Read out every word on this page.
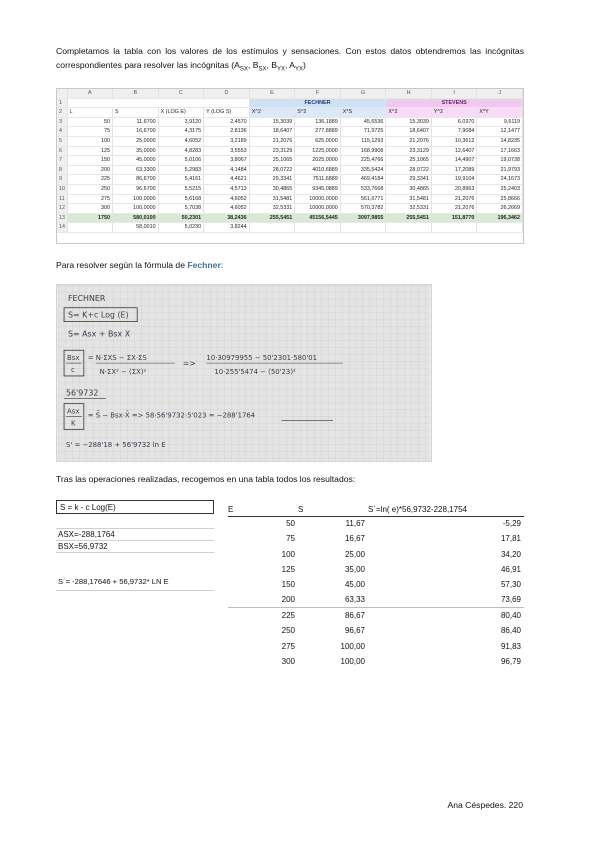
Completamos la tabla con los valores de los estímulos y sensaciones. Con estos datos obtendremos las incógnitas correspondientes para resolver las incógnitas ($A_{SX}$, $B_{SX}$, $B_{YX}$, $A_{YX}$)

	A	B	C	D	E	F	G	H	I	J
1					FECHNER			STEVENS		
2	L	S	X (LOG E)	Y (LOG S)	X^2	S^2	X*S	X^2	Y^2	X*Y
3	50	11,6700	3,9120	2,4570	15,3039	136,1889	45,6536	15,3039	6,0370	9,6119
4	75	16,6700	4,3175	2,8136	18,6407	277,8889	71,9725	18,6407	7,9084	12,1477
5	100	25,0000	4,6052	3,2189	21,2076	625,0000	115,1293	21,2076	10,3612	14,8235
6	125	35,0000	4,8283	3,5553	23,3129	1225,0000	168,9908	23,3129	12,6407	17,1663
7	150	45,0000	5,0106	3,8067	25,1065	2025,0000	225,4766	25,1065	14,4907	19,0738
8	200	63,3300	5,2983	4,1484	28,0722	4010,6889	335,5424	28,0722	17,2089	21,9793
9	225	86,6700	5,4161	4,4621	29,3341	7511,6889	469,4184	29,3341	19,9104	24,1673
10	250	96,6700	5,5215	4,5713	30,4865	9345,0889	533,7668	30,4865	20,8963	25,2403
11	275	100,0000	5,6168	4,6052	31,5481	10000,0000	561,6771	31,5481	21,2076	25,8666
12	300	100,0000	5,7038	4,6052	32,5331	10000,0000	570,3782	32,5331	21,2076	26,2669
13	1750	580,0100	50,2301	38,2436	255,5451	45156,5445	3097,9855	255,5451	151,8770	196,3462
14		58,0010	5,0230	3,8244						
Para resolver según la fórmula de Fechner:
FECHNER
S= K+c Log (E)
S= Asx + Bsx X
Bsx
c
= N·ΣXS − ΣX·ΣS
N·ΣX² − (ΣX)²
=>
10·30979955 − 50'2301·580'01
10·255'5474 − (50'23)²
56'9732
Asx
K
= S̄ − Bsx·X̄ => 58·56'9732·5'023 = −288'1764
S' = −288'18 + 56'9732 ln E
Tras las operaciones realizadas, recogemos en una tabla todos los resultados:
S = k - c Log(E)
ASX=-288,1764
BSX=56,9732
S´= -288,17646 + 56,9732* LN E
E	S	S´=ln( e)*56,9732-228,1754
50	11,67	-5,29
75	16,67	17,81
100	25,00	34,20
125	35,00	46,91
150	45,00	57,30
200	63,33	73,69
225	86,67	80,40
250	96,67	86,40
275	100,00	91,83
300	100,00	96,79
Ana Céspedes. 220
